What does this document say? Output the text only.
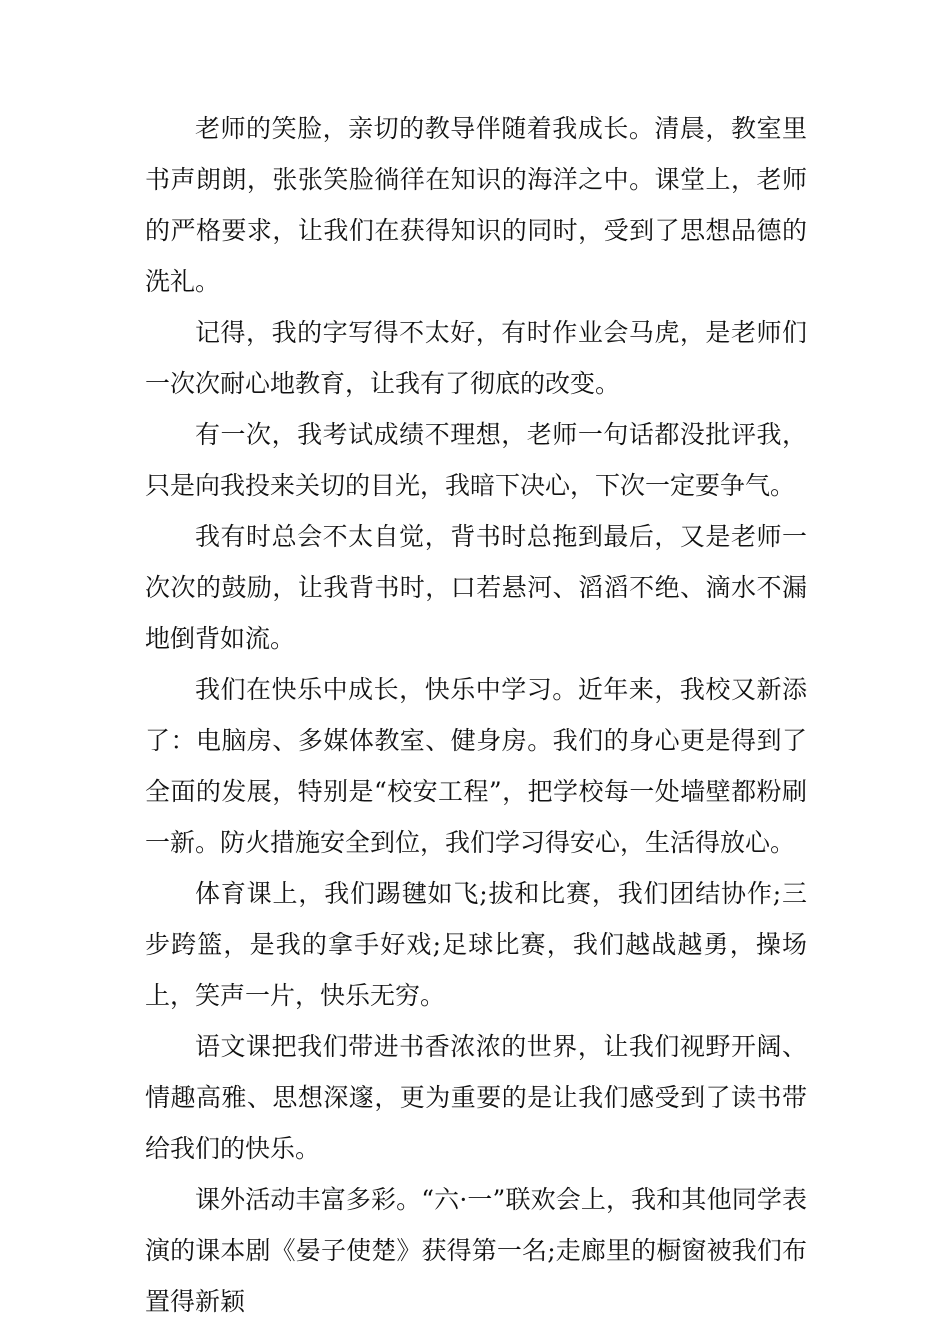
老师的笑脸，亲切的教导伴随着我成长。清晨，教室里书声朗朗，张张笑脸徜徉在知识的海洋之中。课堂上，老师的严格要求，让我们在获得知识的同时，受到了思想品德的洗礼。

记得，我的字写得不太好，有时作业会马虎，是老师们一次次耐心地教育，让我有了彻底的改变。

有一次，我考试成绩不理想，老师一句话都没批评我，只是向我投来关切的目光，我暗下决心，下次一定要争气。

我有时总会不太自觉，背书时总拖到最后，又是老师一次次的鼓励，让我背书时，口若悬河、滔滔不绝、滴水不漏地倒背如流。

我们在快乐中成长，快乐中学习。近年来，我校又新添了：电脑房、多媒体教室、健身房。我们的身心更是得到了全面的发展，特别是“校安工程”，把学校每一处墙壁都粉刷一新。防火措施安全到位，我们学习得安心，生活得放心。

体育课上，我们踢毽如飞;拔和比赛，我们团结协作;三步跨篮，是我的拿手好戏;足球比赛，我们越战越勇，操场上，笑声一片，快乐无穷。

语文课把我们带进书香浓浓的世界，让我们视野开阔、情趣高雅、思想深邃，更为重要的是让我们感受到了读书带给我们的快乐。

课外活动丰富多彩。“六·一”联欢会上，我和其他同学表演的课本剧《晏子使楚》获得第一名;走廊里的橱窗被我们布置得新颖
